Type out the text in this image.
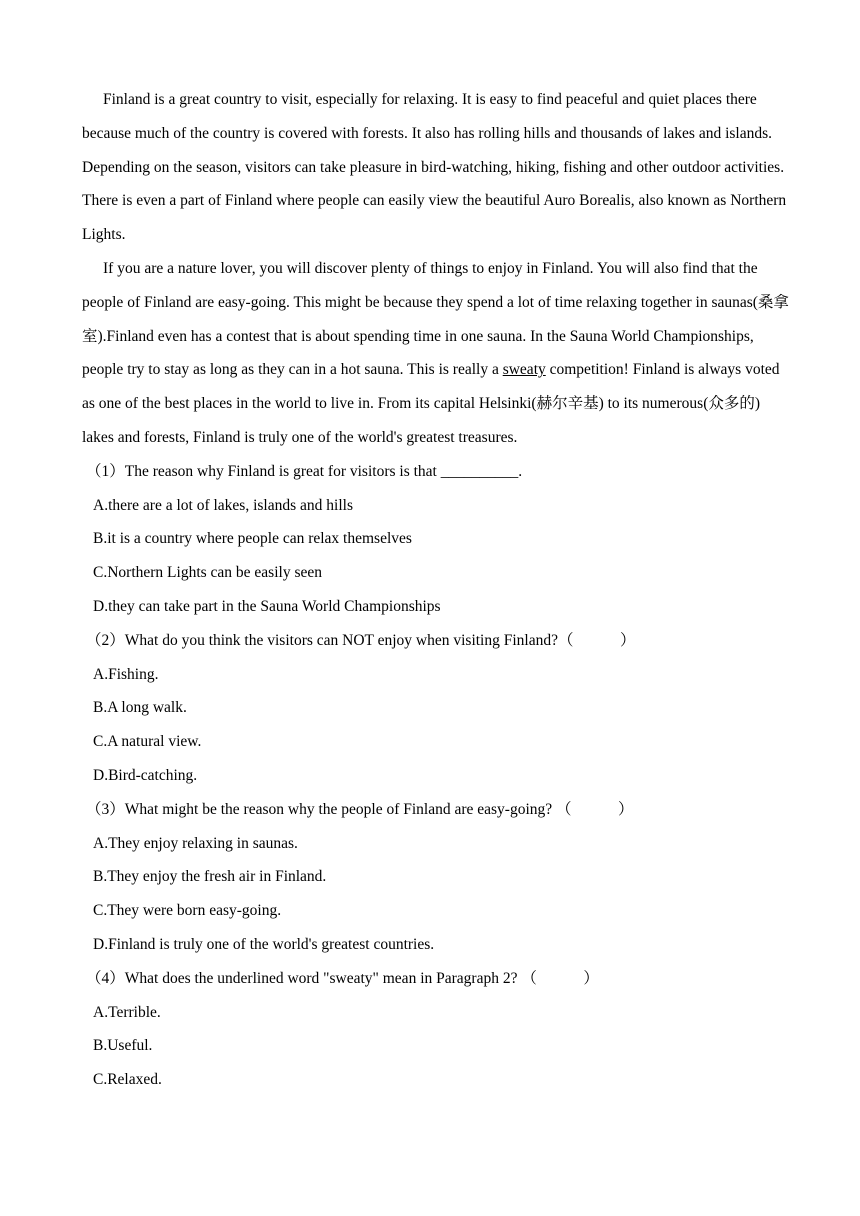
Finland is a great country to visit, especially for relaxing. It is easy to find peaceful and quiet places there because much of the country is covered with forests. It also has rolling hills and thousands of lakes and islands. Depending on the season, visitors can take pleasure in bird-watching, hiking, fishing and other outdoor activities. There is even a part of Finland where people can easily view the beautiful Auro Borealis, also known as Northern Lights.

If you are a nature lover, you will discover plenty of things to enjoy in Finland. You will also find that the people of Finland are easy-going. This might be because they spend a lot of time relaxing together in saunas(桑拿室).Finland even has a contest that is about spending time in one sauna. In the Sauna World Championships, people try to stay as long as they can in a hot sauna. This is really a sweaty competition! Finland is always voted as one of the best places in the world to live in. From its capital Helsinki(赫尔辛基) to its numerous(众多的) lakes and forests, Finland is truly one of the world's greatest treasures.

（1）The reason why Finland is great for visitors is that __________.
A.there are a lot of lakes, islands and hills
B.it is a country where people can relax themselves
C.Northern Lights can be easily seen
D.they can take part in the Sauna World Championships
（2）What do you think the visitors can NOT enjoy when visiting Finland?（　　　）
A.Fishing.
B.A long walk.
C.A natural view.
D.Bird-catching.
（3）What might be the reason why the people of Finland are easy-going? （　　　）
A.They enjoy relaxing in saunas.
B.They enjoy the fresh air in Finland.
C.They were born easy-going.
D.Finland is truly one of the world's greatest countries.
（4）What does the underlined word "sweaty" mean in Paragraph 2? （　　　）
A.Terrible.
B.Useful.
C.Relaxed.
